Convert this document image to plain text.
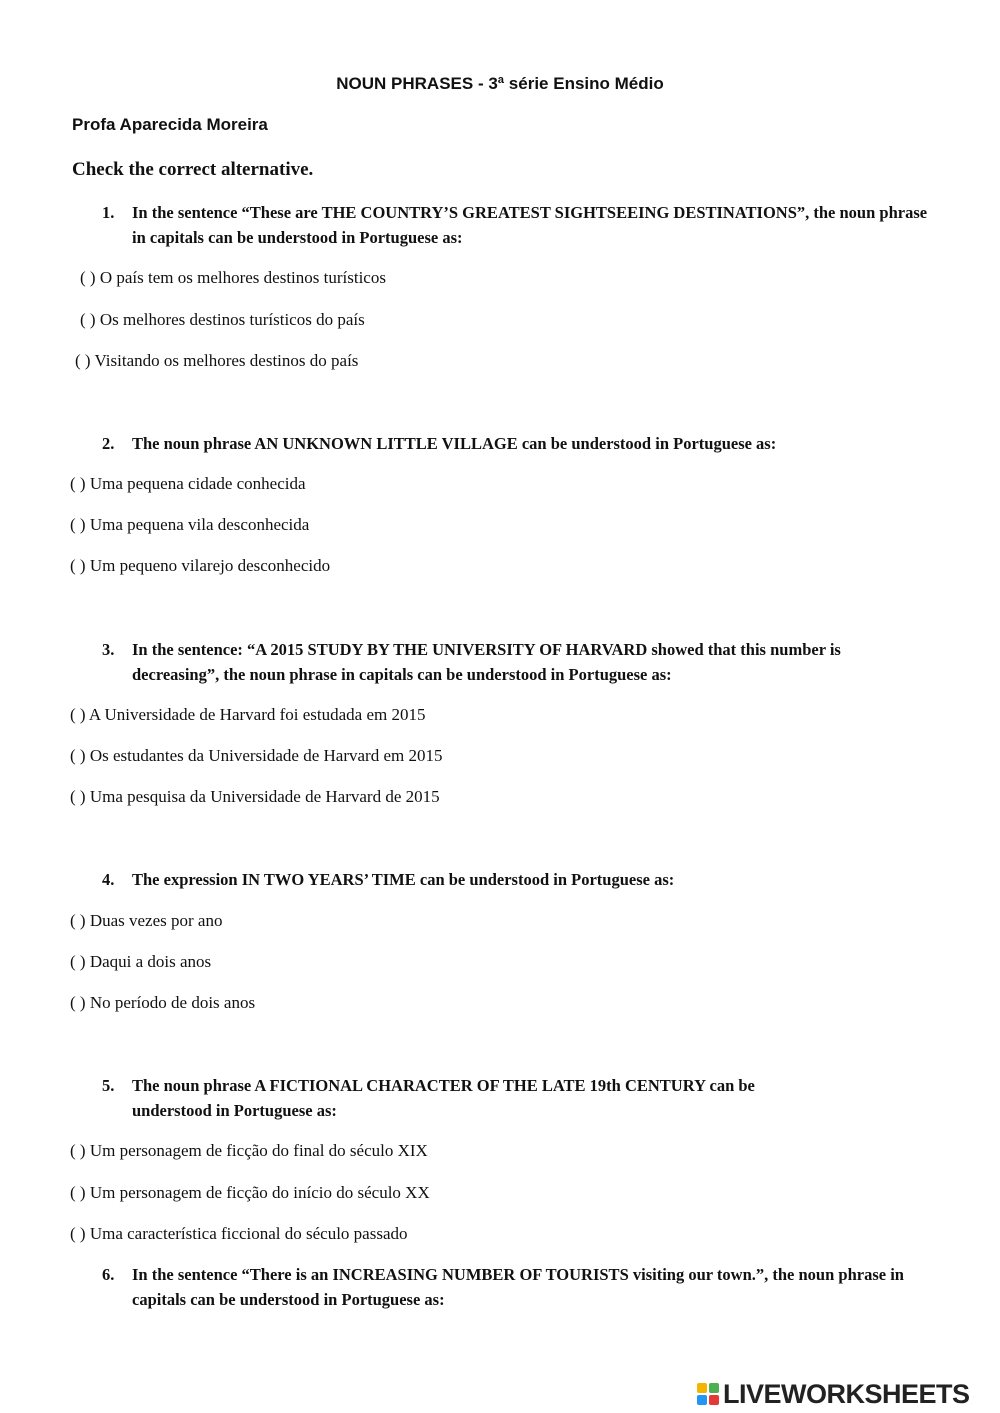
NOUN PHRASES - 3ª série Ensino Médio
Profa Aparecida Moreira
Check the correct alternative.
1.	In the sentence “These are THE COUNTRY’S GREATEST SIGHTSEEING DESTINATIONS”, the noun phrase in capitals can be understood in Portuguese as:
( ) O país tem os melhores destinos turísticos
( ) Os melhores destinos turísticos do país
( ) Visitando os melhores destinos do país
2.	The noun phrase AN UNKNOWN LITTLE VILLAGE can be understood in Portuguese as:
( ) Uma pequena cidade conhecida
( ) Uma pequena vila desconhecida
( ) Um pequeno vilarejo desconhecido
3.	In the sentence: “A 2015 STUDY BY THE UNIVERSITY OF HARVARD showed that this number is decreasing”, the noun phrase in capitals can be understood in Portuguese as:
( ) A Universidade de Harvard foi estudada em 2015
( ) Os estudantes da Universidade de Harvard em 2015
( ) Uma pesquisa da Universidade de Harvard de 2015
4.	The expression IN TWO YEARS’ TIME can be understood in Portuguese as:
( ) Duas vezes por ano
( ) Daqui a dois anos
( ) No período de dois anos
5.	The noun phrase A FICTIONAL CHARACTER OF THE LATE 19th CENTURY can be understood in Portuguese as:
( ) Um personagem de ficção do final do século XIX
( ) Um personagem de ficção do início do século XX
( ) Uma característica ficcional do século passado
6.	In the sentence “There is an INCREASING NUMBER OF TOURISTS visiting our town.”, the noun phrase in capitals can be understood in Portuguese as:
LIVEWORKSHEETS
